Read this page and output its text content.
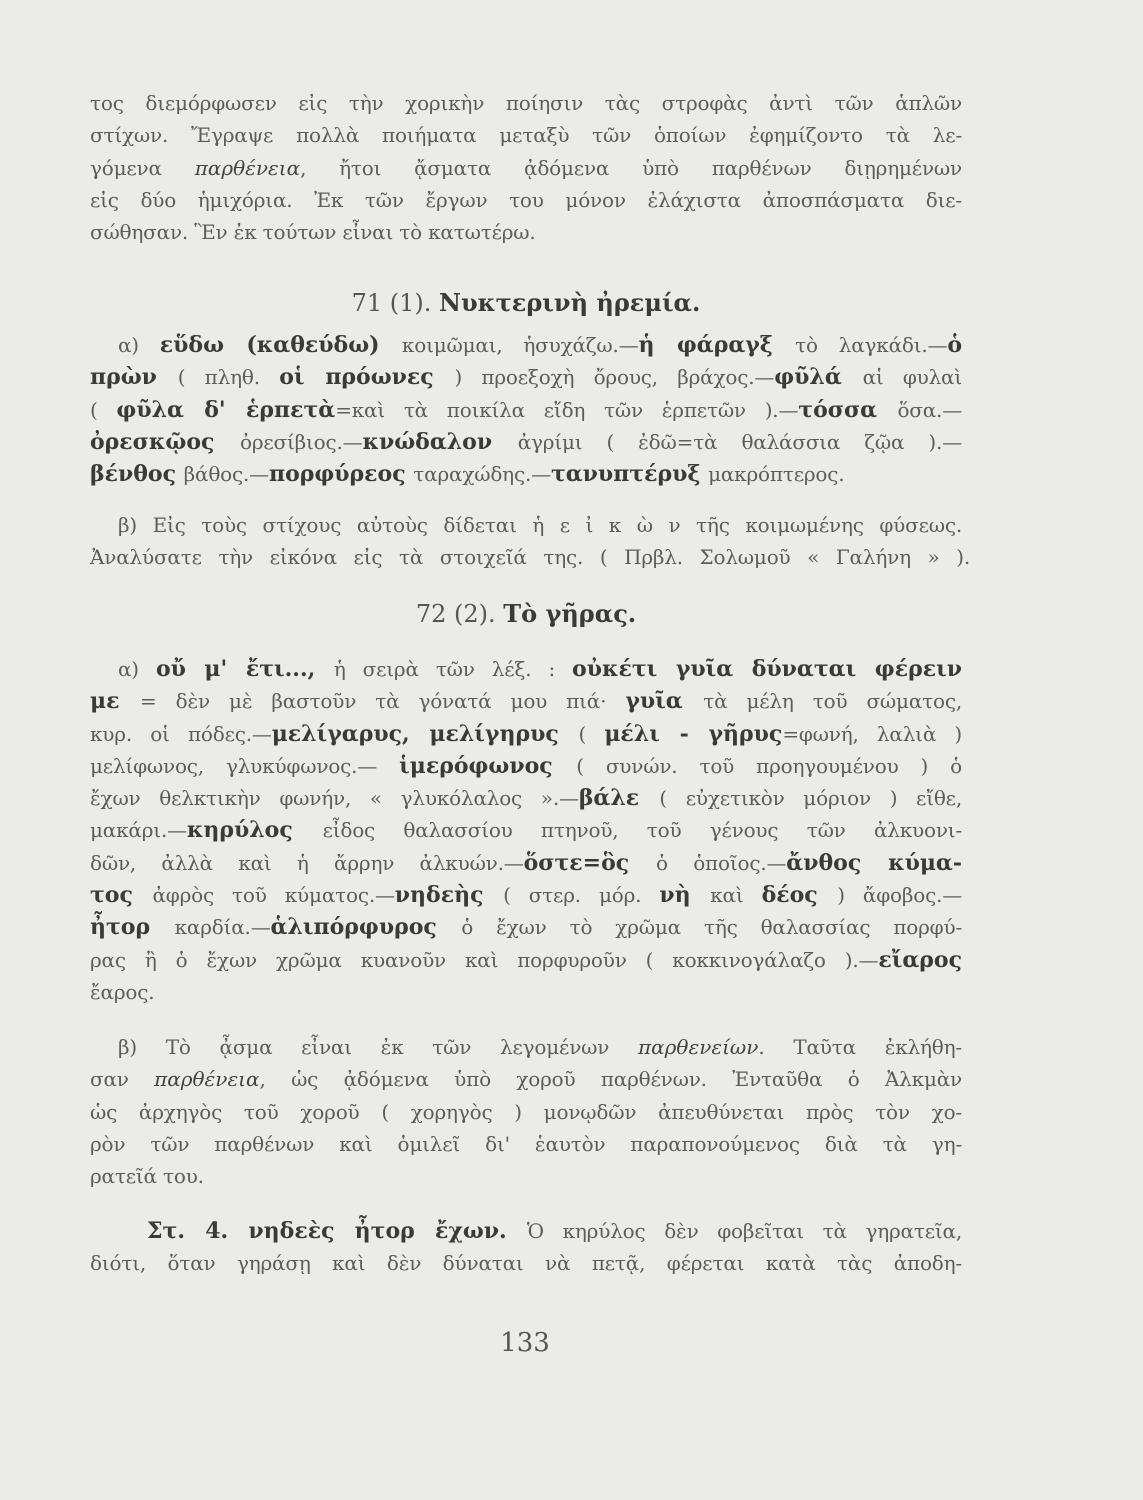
71 (1). Νυκτερινὴ ἠρεμία.
72 (2). Τὸ γῆρας.
133
τος διεμόρφωσεν εἰς τὴν χορικὴν ποίησιν τὰς στροφὰς ἀντὶ τῶν ἁπλῶν
στίχων. Ἔγραψε πολλὰ ποιήματα μεταξὺ τῶν ὁποίων ἐφημίζοντο τὰ λε-
γόμενα παρθένεια, ἤτοι ᾄσματα ᾀδόμενα ὑπὸ παρθένων διῃρημένων
εἰς δύο ἡμιχόρια. Ἐκ τῶν ἔργων του μόνον ἐλάχιστα ἀποσπάσματα διε-
σώθησαν. Ἓν ἐκ τούτων εἶναι τὸ κατωτέρω.
α) εὕδω (καθεύδω) κοιμῶμαι, ἡσυχάζω.—ἡ φάραγξ τὸ λαγκάδι.—ὁ
πρὼν ( πληθ. οἱ πρόωνες ) προεξοχὴ ὄρους, βράχος.—φῦλά αἱ φυλαὶ
( φῦλα δ' ἑρπετὰ=καὶ τὰ ποικίλα εἴδη τῶν ἑρπετῶν ).—τόσσα ὅσα.—
ὀρεσκῷος ὀρεσίβιος.—κνώδαλον ἀγρίμι ( ἐδῶ=τὰ θαλάσσια ζῷα ).—
βένθος βάθος.—πορφύρεος ταραχώδης.—τανυπτέρυξ μακρόπτερος.
β) Εἰς τοὺς στίχους αὐτοὺς δίδεται ἡ ε ἰ κ ὼ ν τῆς κοιμωμένης φύσεως.
Ἀναλύσατε τὴν εἰκόνα εἰς τὰ στοιχεῖά της. ( Πρβλ. Σολωμοῦ « Γαλήνη » ).
α) οὔ μ' ἔτι..., ἡ σειρὰ τῶν λέξ. : οὐκέτι γυῖα δύναται φέρειν
με = δὲν μὲ βαστοῦν τὰ γόνατά μου πιά· γυῖα τὰ μέλη τοῦ σώματος,
κυρ. οἱ πόδες.—μελίγαρυς, μελίγηρυς ( μέλι - γῆρυς=φωνή, λαλιὰ )
μελίφωνος, γλυκύφωνος.— ἱμερόφωνος ( συνών. τοῦ προηγουμένου ) ὁ
ἔχων θελκτικὴν φωνήν, « γλυκόλαλος ».—βάλε ( εὐχετικὸν μόριον ) εἴθε,
μακάρι.—κηρύλος εἶδος θαλασσίου πτηνοῦ, τοῦ γένους τῶν ἀλκυονι-
δῶν, ἀλλὰ καὶ ἡ ἄρρην ἀλκυών.—ὅστε=ὃς ὁ ὁποῖος.—ἄνθος κύμα-
τος ἀφρὸς τοῦ κύματος.—νηδεὴς ( στερ. μόρ. νὴ καὶ δέος ) ἄφοβος.—
ἦτορ καρδία.—ἁλιπόρφυρος ὁ ἔχων τὸ χρῶμα τῆς θαλασσίας πορφύ-
ρας ἢ ὁ ἔχων χρῶμα κυανοῦν καὶ πορφυροῦν ( κοκκινογάλαζο ).—εἴαρος
ἔαρος.
β) Τὸ ᾆσμα εἶναι ἐκ τῶν λεγομένων παρθενείων. Ταῦτα ἐκλήθη-
σαν παρθένεια, ὡς ᾀδόμενα ὑπὸ χοροῦ παρθένων. Ἐνταῦθα ὁ Ἀλκμὰν
ὡς ἀρχηγὸς τοῦ χοροῦ ( χορηγὸς ) μονῳδῶν ἀπευθύνεται πρὸς τὸν χο-
ρὸν τῶν παρθένων καὶ ὁμιλεῖ δι' ἑαυτὸν παραπονούμενος διὰ τὰ γη-
ρατεῖά του.
Στ. 4. νηδεὲς ἦτορ ἔχων. Ὁ κηρύλος δὲν φοβεῖται τὰ γηρατεῖα,
διότι, ὅταν γηράσῃ καὶ δὲν δύναται νὰ πετᾷ, φέρεται κατὰ τὰς ἀποδη-
